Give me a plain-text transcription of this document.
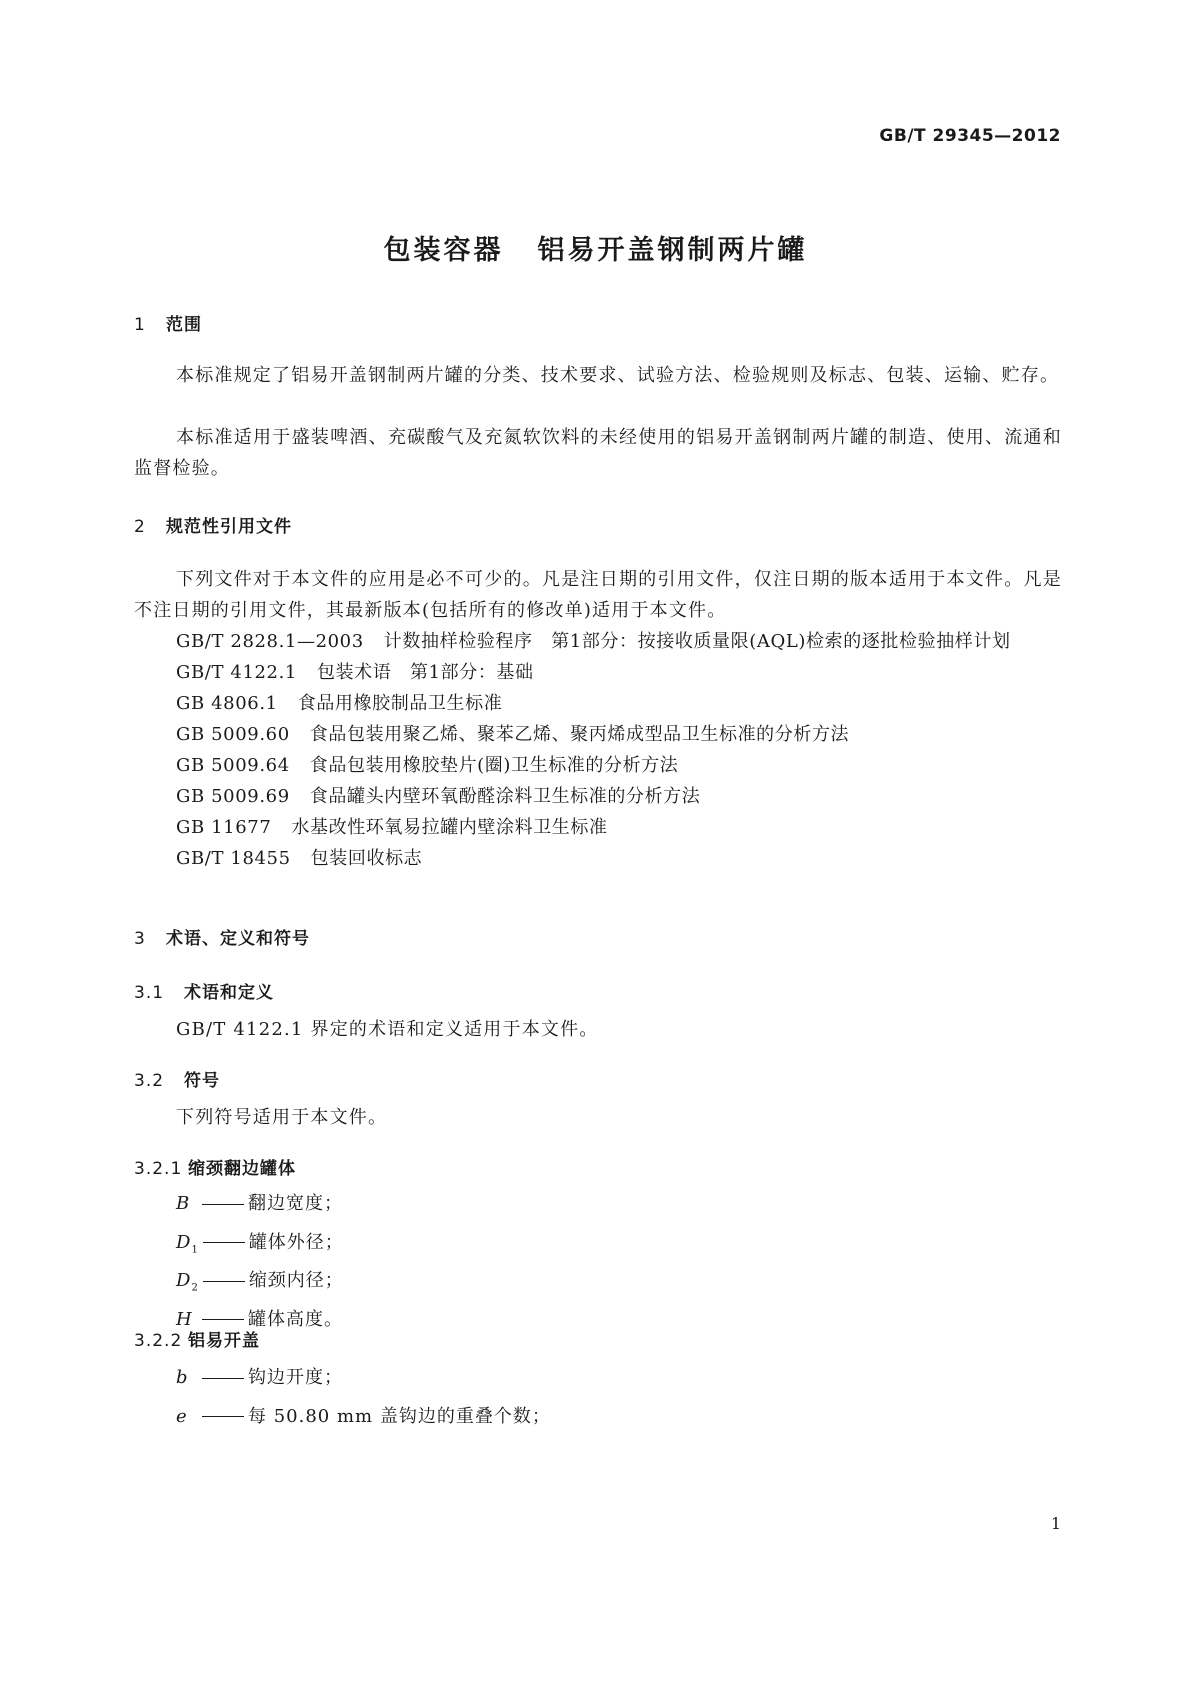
GB/T 29345—2012
包装容器 铝易开盖钢制两片罐
1 范围
本标准规定了铝易开盖钢制两片罐的分类、技术要求、试验方法、检验规则及标志、包装、运输、贮存。
本标准适用于盛装啤酒、充碳酸气及充氮软饮料的未经使用的铝易开盖钢制两片罐的制造、使用、流通和监督检验。
2 规范性引用文件
下列文件对于本文件的应用是必不可少的。凡是注日期的引用文件，仅注日期的版本适用于本文件。凡是不注日期的引用文件，其最新版本(包括所有的修改单)适用于本文件。
GB/T 2828.1—2003 计数抽样检验程序　第1部分：按接收质量限(AQL)检索的逐批检验抽样计划
GB/T 4122.1 包装术语　第1部分：基础
GB 4806.1 食品用橡胶制品卫生标准
GB 5009.60 食品包装用聚乙烯、聚苯乙烯、聚丙烯成型品卫生标准的分析方法
GB 5009.64 食品包装用橡胶垫片(圈)卫生标准的分析方法
GB 5009.69 食品罐头内壁环氧酚醛涂料卫生标准的分析方法
GB 11677 水基改性环氧易拉罐内壁涂料卫生标准
GB/T 18455 包装回收标志
3 术语、定义和符号
3.1 术语和定义
GB/T 4122.1 界定的术语和定义适用于本文件。
3.2 符号
下列符号适用于本文件。
3.2.1 缩颈翻边罐体
B	翻边宽度；
$D_1$	罐体外径；
$D_2$	缩颈内径；
H	罐体高度。
3.2.2 铝易开盖
b	钩边开度；
e	每 50.80 mm 盖钩边的重叠个数；
1
